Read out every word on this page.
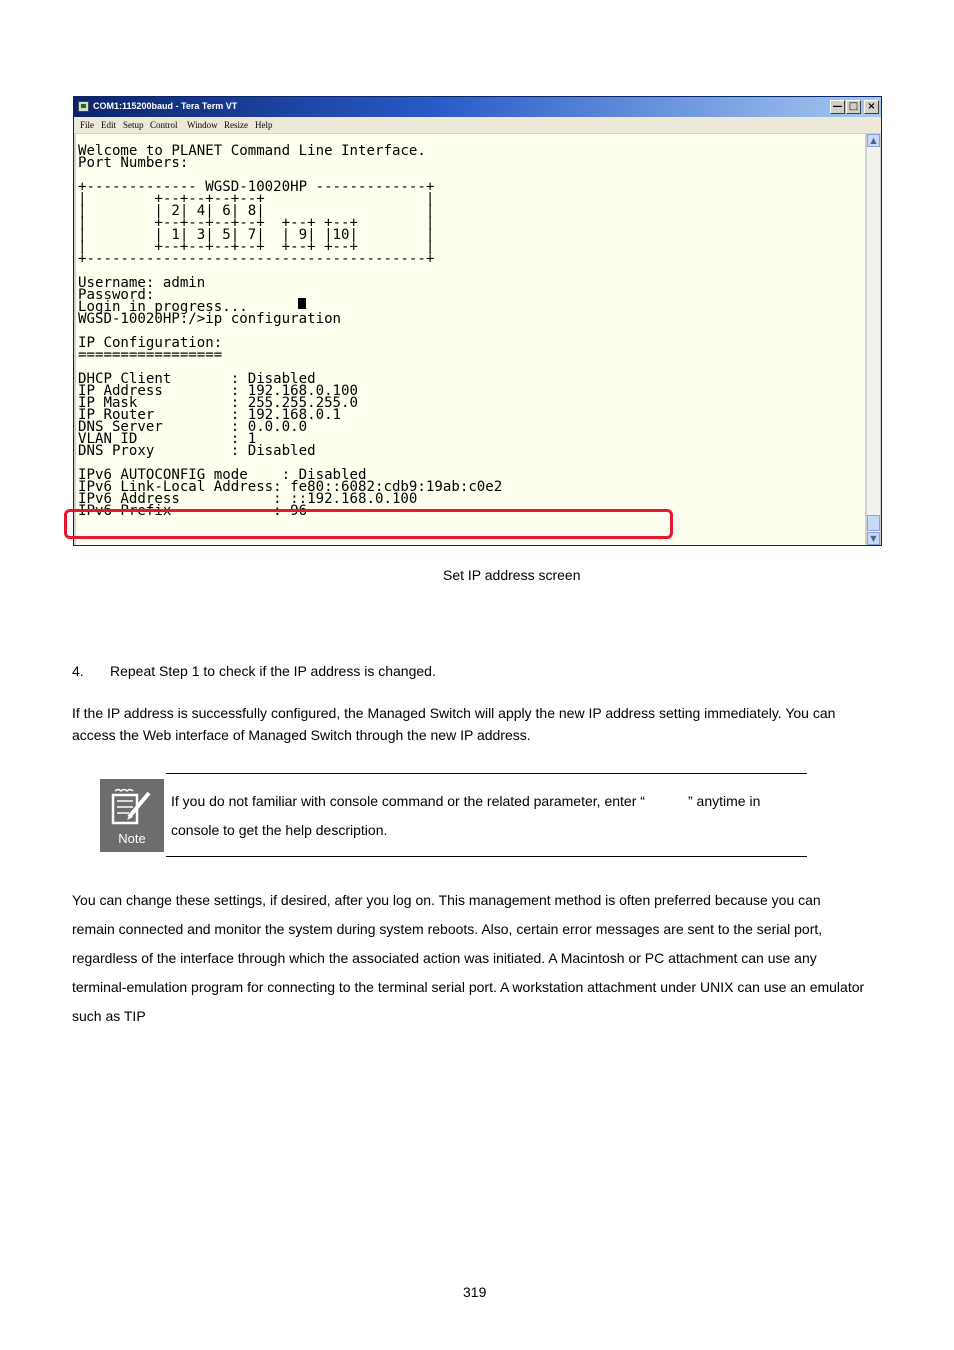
COM1:115200baud - Tera Term VT	— □ ×
File Edit Setup Control Window Resize Help
Welcome to PLANET Command Line Interface.
Port Numbers:
+------------- WGSD-10020HP -------------+
|        +--+--+--+--+                   |
|        | 2| 4| 6| 8|                   |
|        +--+--+--+--+  +--+ +--+        |
|        | 1| 3| 5| 7|  | 9| |10|        |
|        +--+--+--+--+  +--+ +--+        |
+----------------------------------------+
Username: admin
Password:
Login in progress...
WGSD-10020HP:/>ip configuration
IP Configuration:
=================
DHCP Client       : Disabled
IP Address        : 192.168.0.100
IP Mask           : 255.255.255.0
IP Router         : 192.168.0.1
DNS Server        : 0.0.0.0
VLAN ID           : 1
DNS Proxy         : Disabled
IPv6 AUTOCONFIG mode    : Disabled
IPv6 Link-Local Address: fe80::6082:cdb9:19ab:c0e2
IPv6 Address           : ::192.168.0.100
IPv6 Prefix            : 96
▲
▼

Set IP address screen

4. Repeat Step 1 to check if the IP address is changed.

If the IP address is successfully configured, the Managed Switch will apply the new IP address setting immediately. You can

access the Web interface of Managed Switch through the new IP address.

Note

If you do not familiar with console command or the related parameter, enter “	” anytime in

console to get the help description.

You can change these settings, if desired, after you log on. This management method is often preferred because you can

remain connected and monitor the system during system reboots. Also, certain error messages are sent to the serial port,

regardless of the interface through which the associated action was initiated. A Macintosh or PC attachment can use any

terminal-emulation program for connecting to the terminal serial port. A workstation attachment under UNIX can use an emulator

such as TIP

319
